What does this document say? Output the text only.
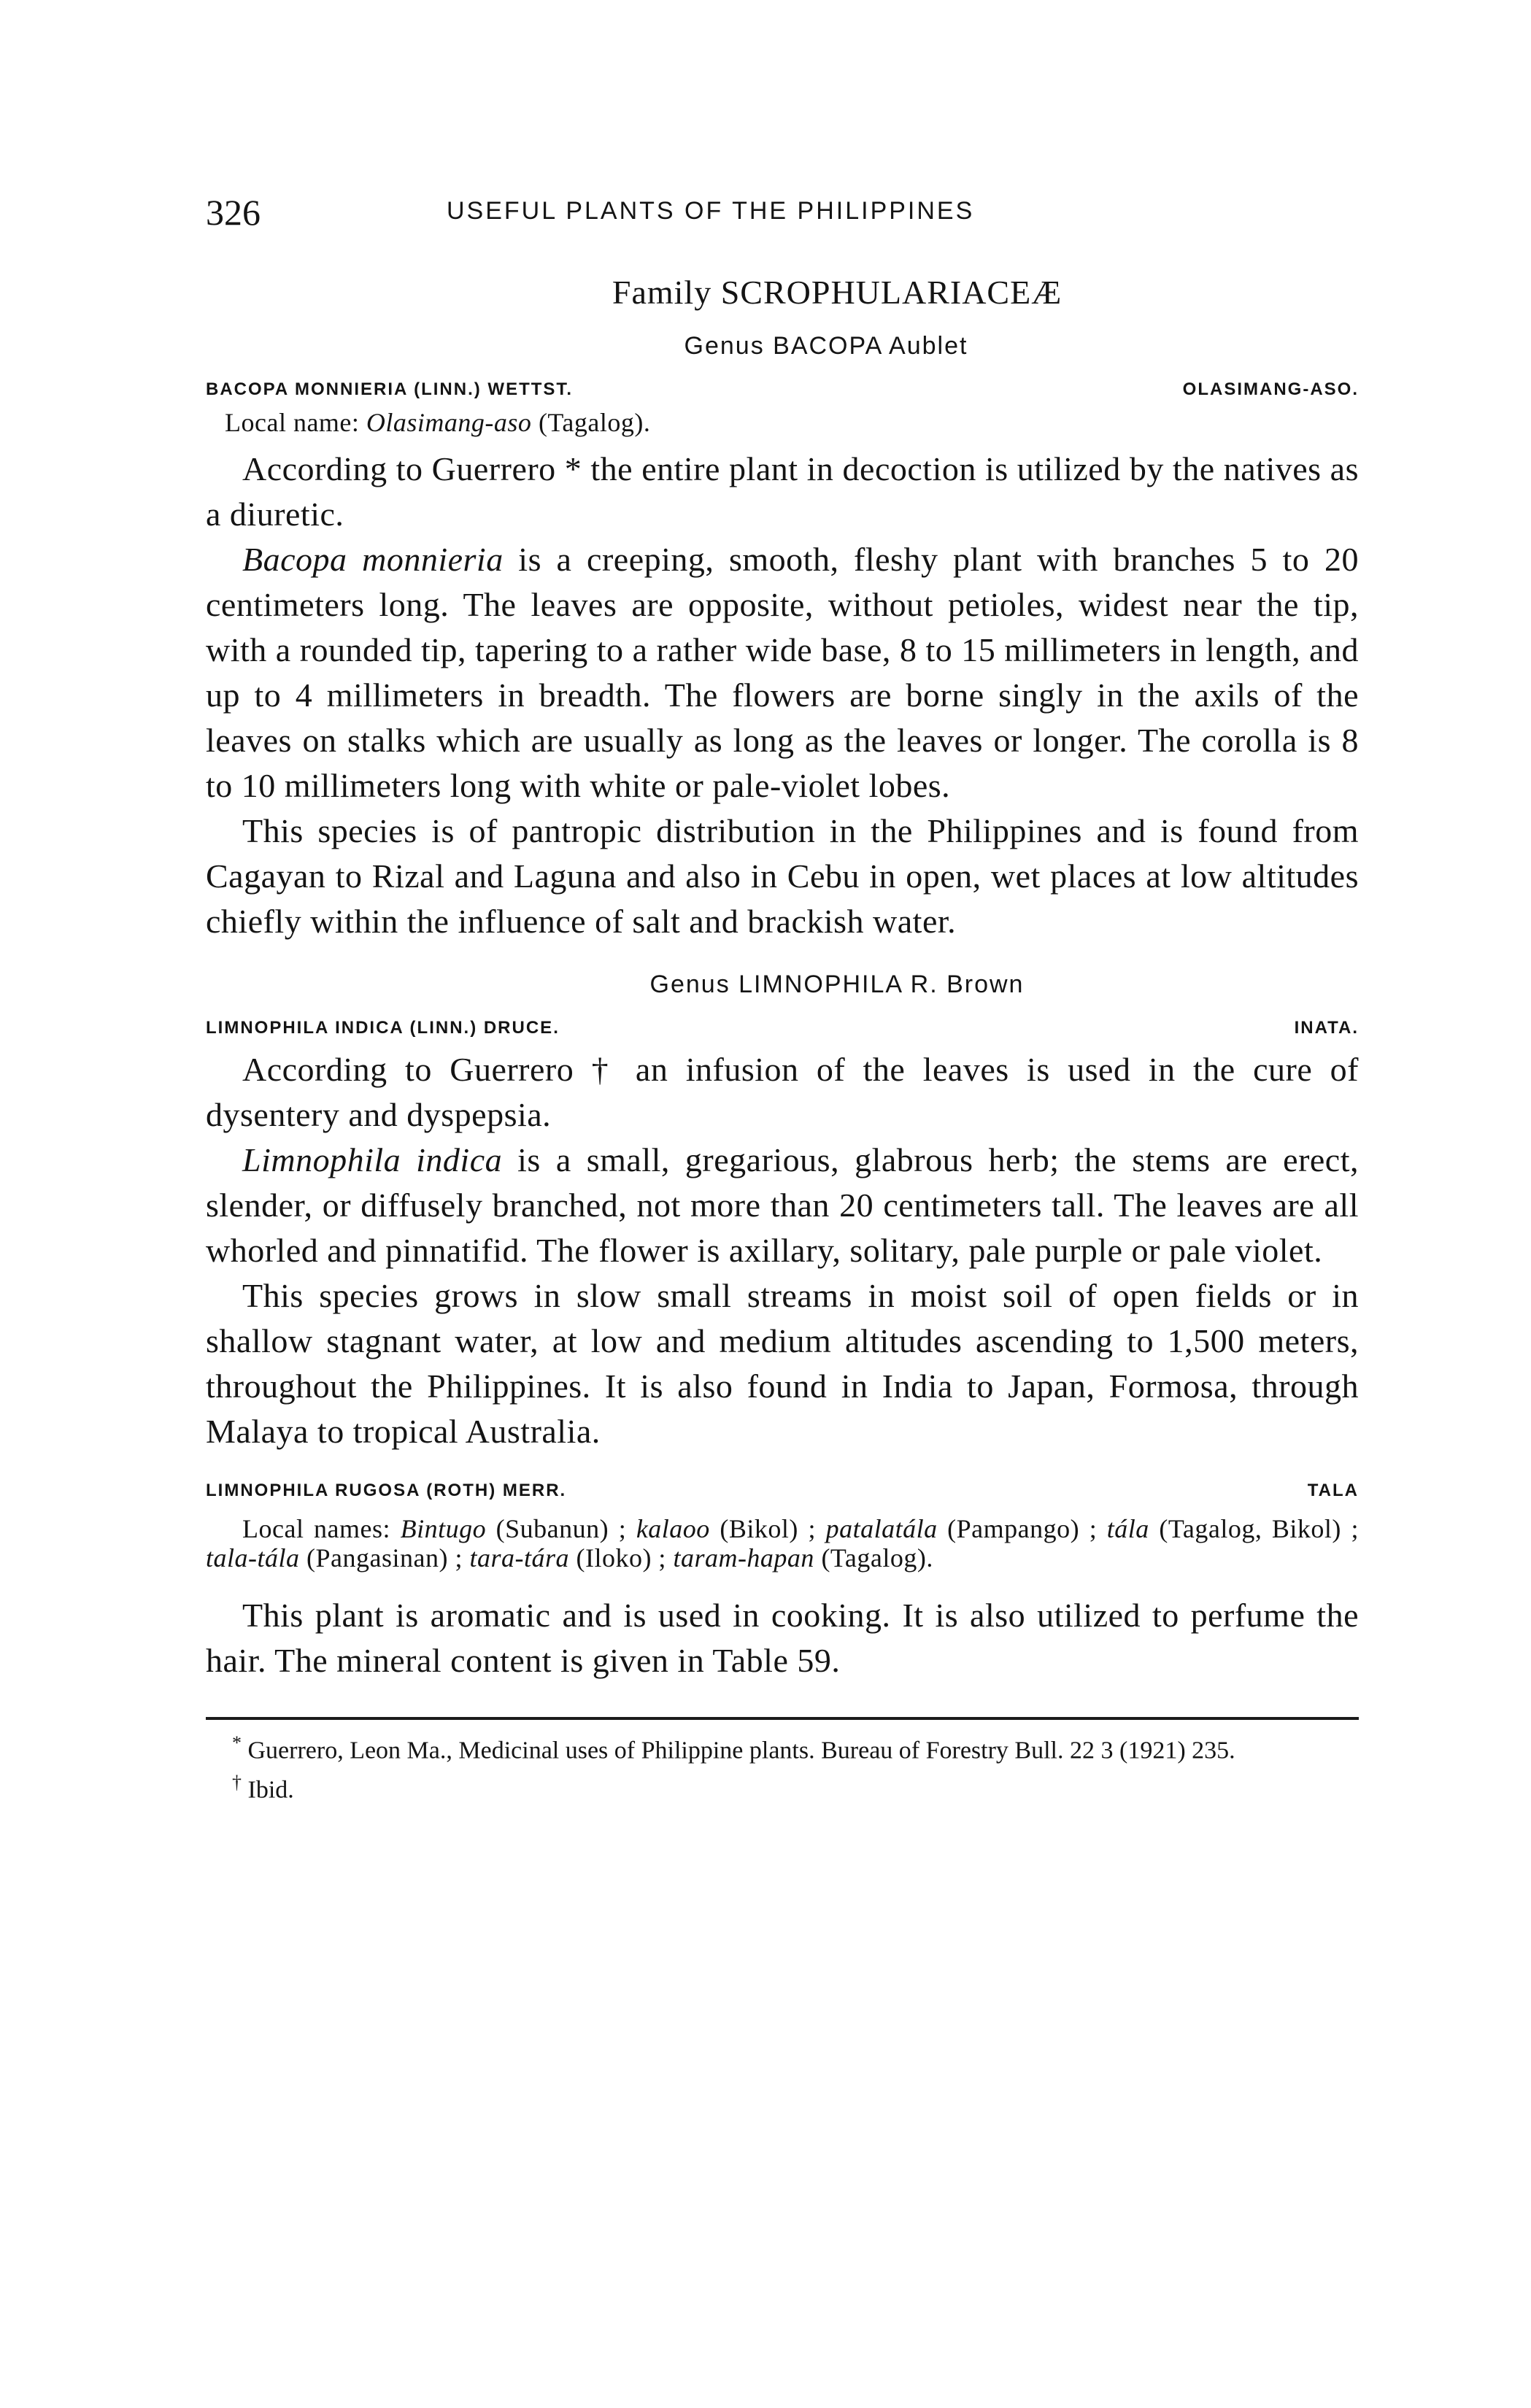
326	USEFUL PLANTS OF THE PHILIPPINES
Family SCROPHULARIACEÆ
Genus BACOPA Aublet
BACOPA MONNIERIA (LINN.) WETTST.	OLASIMANG-ASO.
Local name: Olasimang-aso (Tagalog).

According to Guerrero * the entire plant in decoction is utilized by the natives as a diuretic.

Bacopa monnieria is a creeping, smooth, fleshy plant with branches 5 to 20 centimeters long. The leaves are opposite, without petioles, widest near the tip, with a rounded tip, tapering to a rather wide base, 8 to 15 millimeters in length, and up to 4 millimeters in breadth. The flowers are borne singly in the axils of the leaves on stalks which are usually as long as the leaves or longer. The corolla is 8 to 10 millimeters long with white or pale-violet lobes.

This species is of pantropic distribution in the Philippines and is found from Cagayan to Rizal and Laguna and also in Cebu in open, wet places at low altitudes chiefly within the influence of salt and brackish water.

Genus LIMNOPHILA R. Brown
LIMNOPHILA INDICA (LINN.) DRUCE.	INATA.

According to Guerrero † an infusion of the leaves is used in the cure of dysentery and dyspepsia.

Limnophila indica is a small, gregarious, glabrous herb; the stems are erect, slender, or diffusely branched, not more than 20 centimeters tall. The leaves are all whorled and pinnatifid. The flower is axillary, solitary, pale purple or pale violet.

This species grows in slow small streams in moist soil of open fields or in shallow stagnant water, at low and medium altitudes ascending to 1,500 meters, throughout the Philippines. It is also found in India to Japan, Formosa, through Malaya to tropical Australia.

LIMNOPHILA RUGOSA (ROTH) MERR.	TALA

Local names: Bintugo (Subanun) ; kalaoo (Bikol) ; patalatála (Pampango) ; tála (Tagalog, Bikol) ; tala-tála (Pangasinan) ; tara-tára (Iloko) ; taram-hapan (Tagalog).

This plant is aromatic and is used in cooking. It is also utilized to perfume the hair. The mineral content is given in Table 59.

* Guerrero, Leon Ma., Medicinal uses of Philippine plants. Bureau of Forestry Bull. 22 3 (1921) 235.
† Ibid.
